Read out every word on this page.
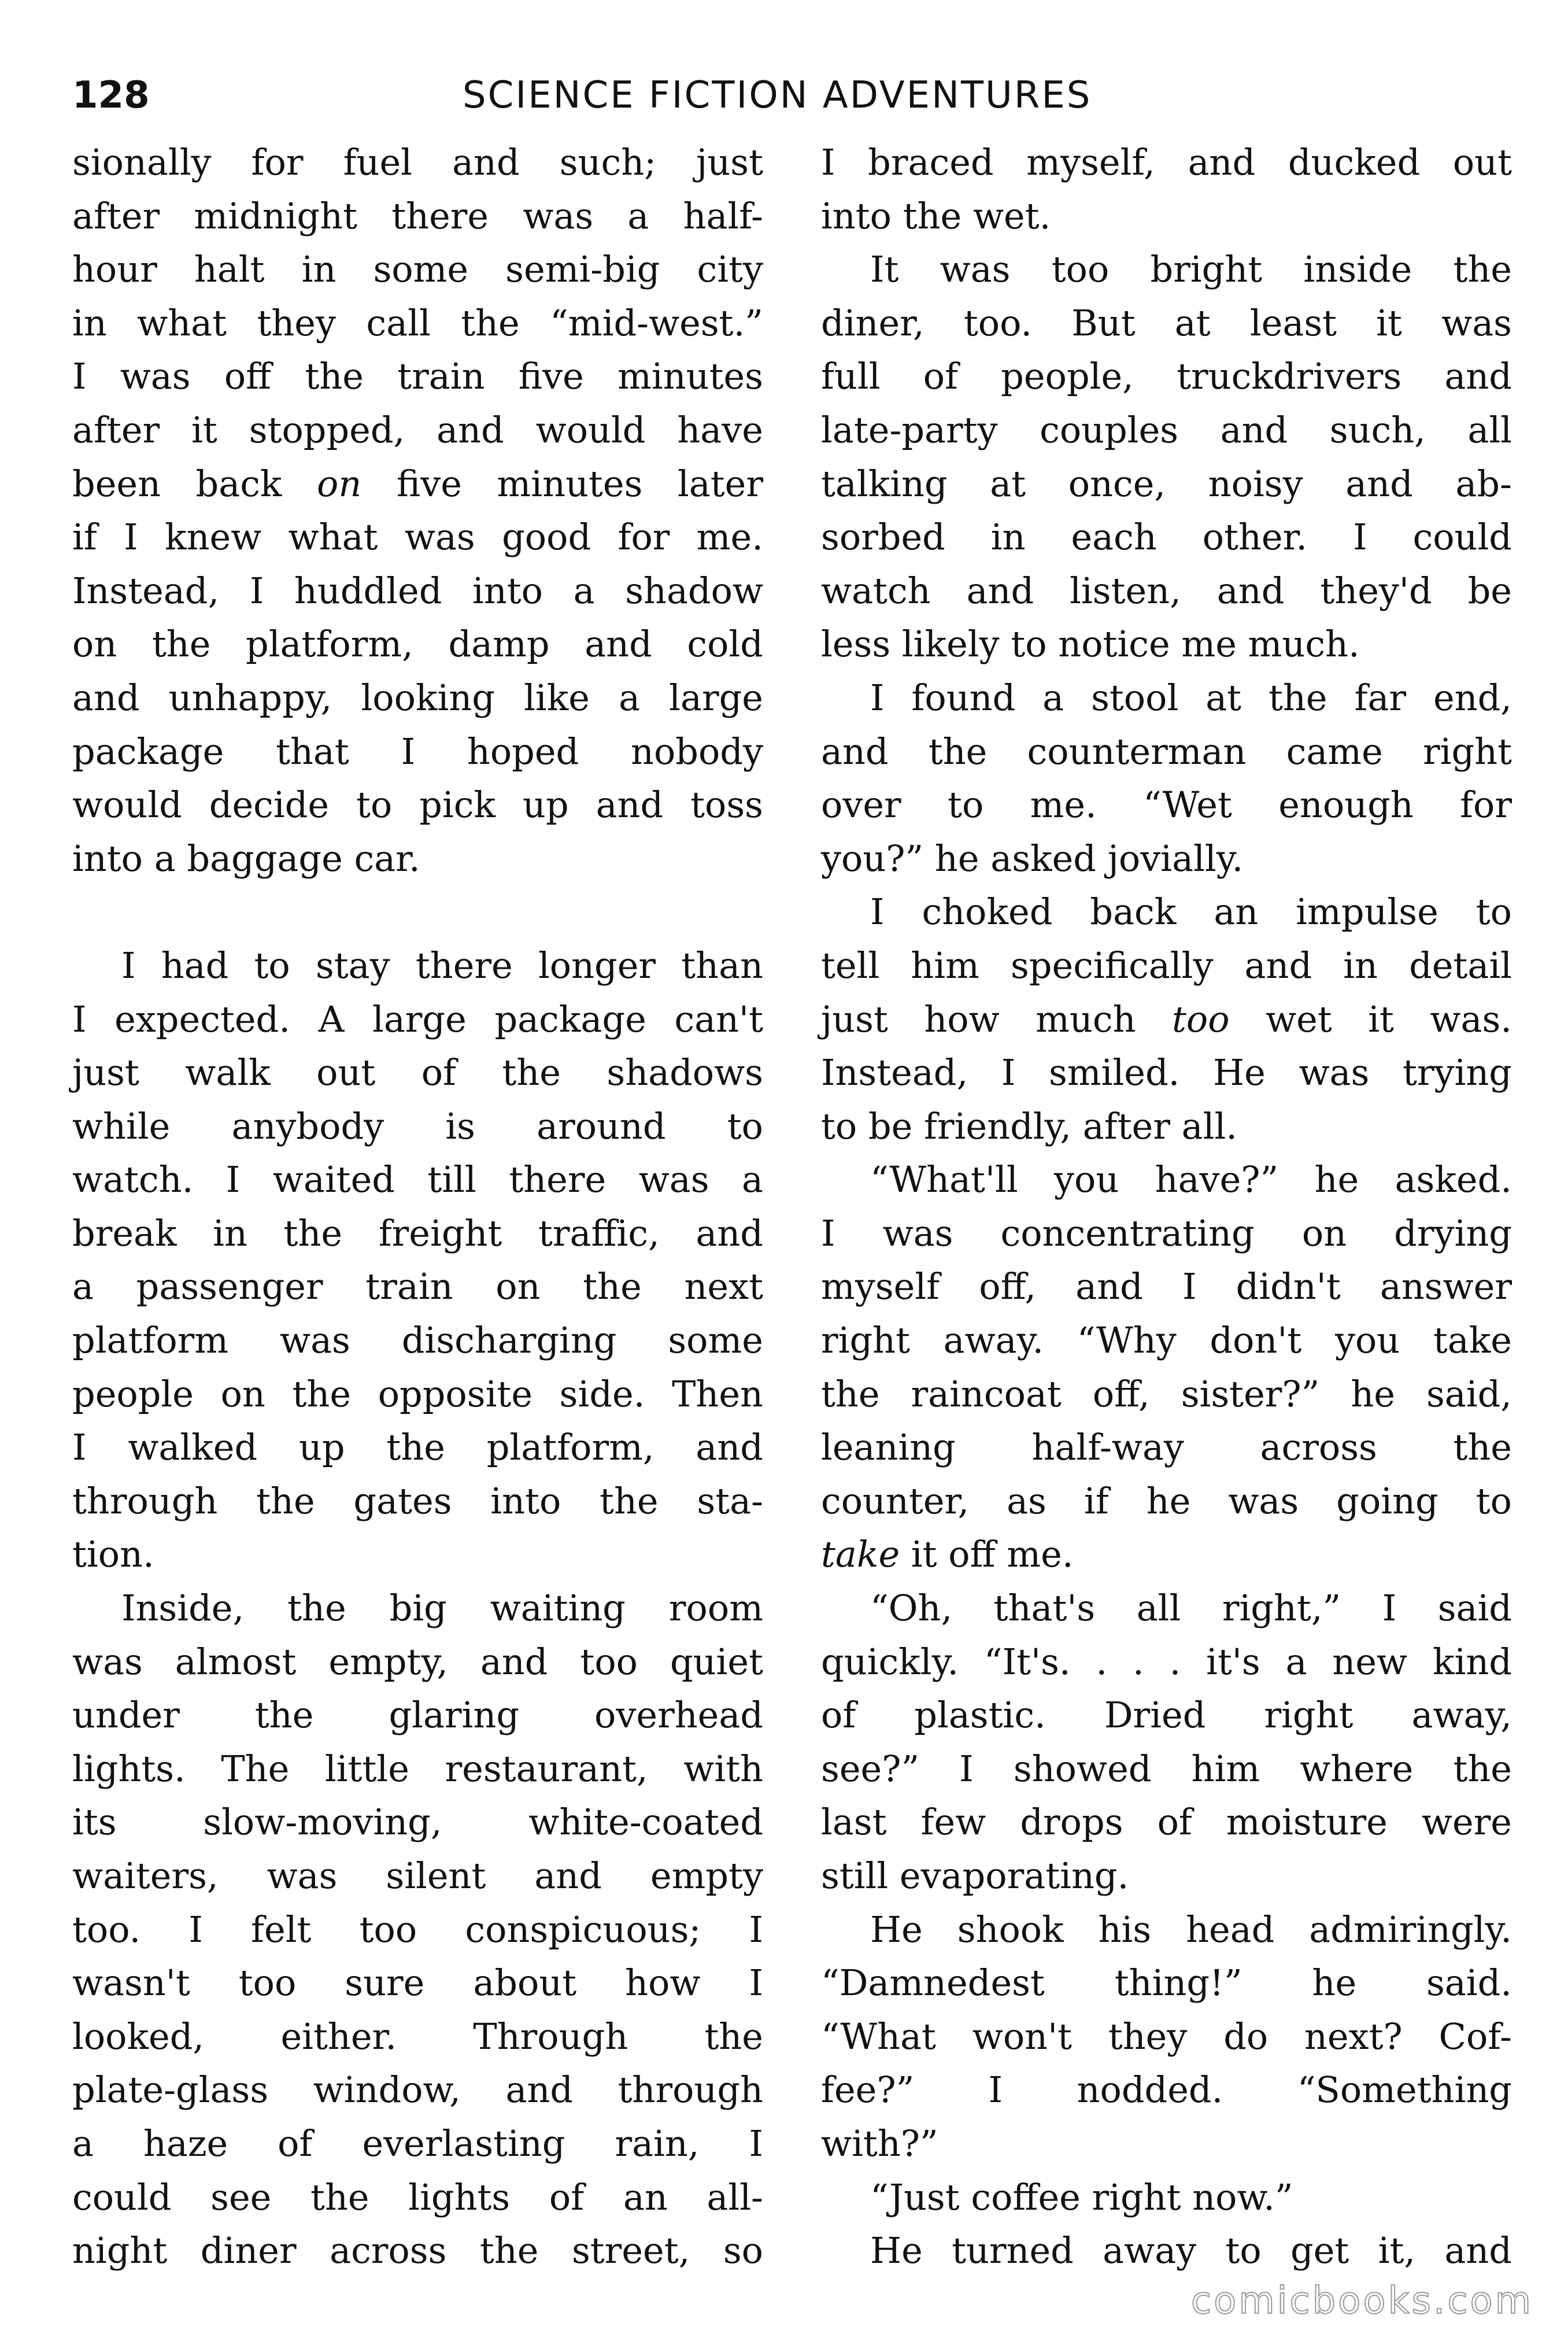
128	SCIENCE FICTION ADVENTURES
sionally for fuel and such; just
after midnight there was a half-
hour halt in some semi-big city
in what they call the “mid-west.”
I was off the train five minutes
after it stopped, and would have
been back on five minutes later
if I knew what was good for me.
Instead, I huddled into a shadow
on the platform, damp and cold
and unhappy, looking like a large
package that I hoped nobody
would decide to pick up and toss
into a baggage car.
I had to stay there longer than
I expected. A large package can't
just walk out of the shadows
while anybody is around to
watch. I waited till there was a
break in the freight traffic, and
a passenger train on the next
platform was discharging some
people on the opposite side. Then
I walked up the platform, and
through the gates into the sta-
tion.
Inside, the big waiting room
was almost empty, and too quiet
under the glaring overhead
lights. The little restaurant, with
its slow-moving, white-coated
waiters, was silent and empty
too. I felt too conspicuous; I
wasn't too sure about how I
looked, either. Through the
plate-glass window, and through
a haze of everlasting rain, I
could see the lights of an all-
night diner across the street, so
I braced myself, and ducked out
into the wet.
It was too bright inside the
diner, too. But at least it was
full of people, truckdrivers and
late-party couples and such, all
talking at once, noisy and ab-
sorbed in each other. I could
watch and listen, and they'd be
less likely to notice me much.
I found a stool at the far end,
and the counterman came right
over to me. “Wet enough for
you?” he asked jovially.
I choked back an impulse to
tell him specifically and in detail
just how much too wet it was.
Instead, I smiled. He was trying
to be friendly, after all.
“What'll you have?” he asked.
I was concentrating on drying
myself off, and I didn't answer
right away. “Why don't you take
the raincoat off, sister?” he said,
leaning half-way across the
counter, as if he was going to
take it off me.
“Oh, that's all right,” I said
quickly. “It's. . . . it's a new kind
of plastic. Dried right away,
see?” I showed him where the
last few drops of moisture were
still evaporating.
He shook his head admiringly.
“Damnedest thing!” he said.
“What won't they do next? Cof-
fee?” I nodded. “Something
with?”
“Just coffee right now.”
He turned away to get it, and
comicbooks.com
